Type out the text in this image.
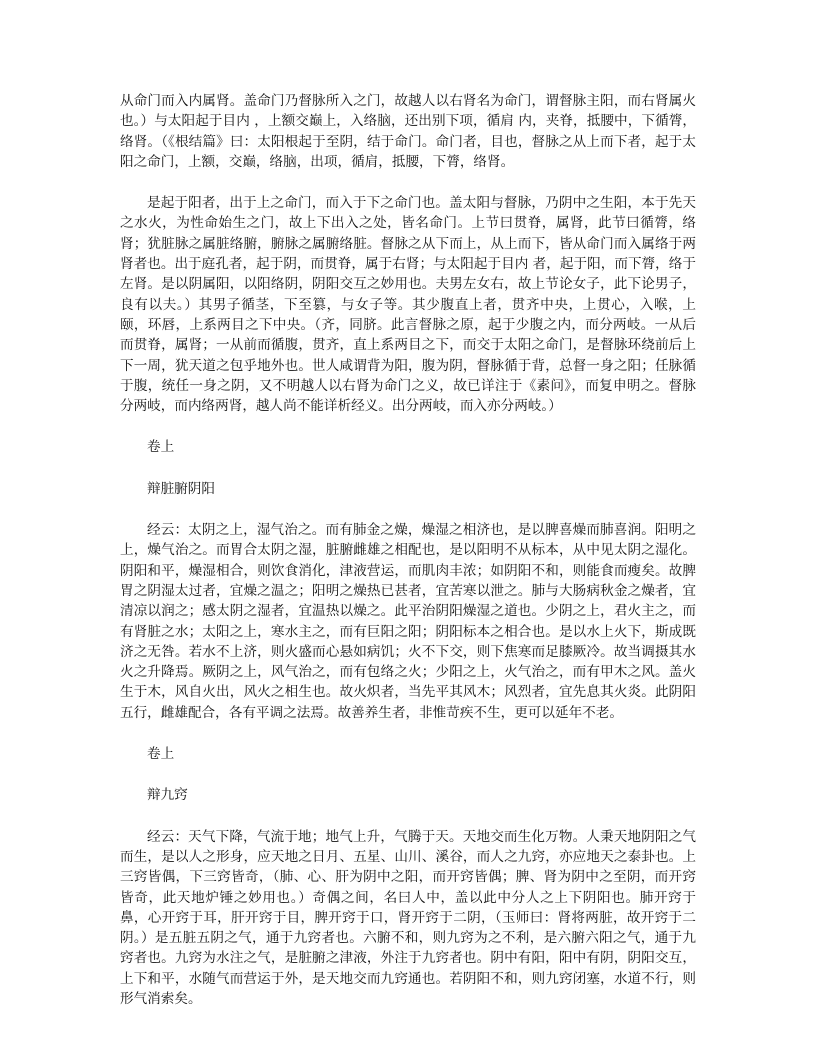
从命门而入内属肾。盖命门乃督脉所入之门，故越人以右肾名为命门，谓督脉主阳，而右肾属火也。）与太阳起于目内 ，上额交巅上，入络脑，还出别下项，循肩 内，夹脊，抵腰中，下循膂，络肾。（《根结篇》曰：太阳根起于至阴，结于命门。命门者，目也，督脉之从上而下者，起于太阳之命门，上额，交巅，络脑，出项，循肩，抵腰，下膂，络肾。

是起于阳者，出于上之命门，而入于下之命门也。盖太阳与督脉，乃阴中之生阳，本于先天之水火，为性命始生之门，故上下出入之处，皆名命门。上节曰贯脊，属肾，此节曰循膂，络肾；犹脏脉之属脏络腑，腑脉之属腑络脏。督脉之从下而上，从上而下，皆从命门而入属络于两肾者也。出于庭孔者，起于阴，而贯脊，属于右肾；与太阳起于目内 者，起于阳，而下膂，络于左肾。是以阴属阳，以阳络阴，阴阳交互之妙用也。夫男左女右，故上节论女子，此下论男子，良有以夫。）其男子循茎，下至篡，与女子等。其少腹直上者，贯齐中央，上贯心，入喉，上颐，环唇，上系两目之下中央。（齐，同脐。此言督脉之原，起于少腹之内，而分两岐。一从后而贯脊，属肾；一从前而循腹，贯齐，直上系两目之下，而交于太阳之命门，是督脉环绕前后上下一周，犹天道之包乎地外也。世人咸谓背为阳，腹为阴，督脉循于背，总督一身之阳；任脉循于腹，统任一身之阴，又不明越人以右肾为命门之义，故已详注于《素问》，而复申明之。督脉分两岐，而内络两肾，越人尚不能详析经义。出分两岐，而入亦分两岐。）

卷上
辩脏腑阴阳

经云：太阴之上，湿气治之。而有肺金之燥，燥湿之相济也，是以脾喜燥而肺喜润。阳明之上，燥气治之。而胃合太阴之湿，脏腑雌雄之相配也，是以阳明不从标本，从中见太阴之湿化。阴阳和平，燥湿相合，则饮食消化，津液营运，而肌肉丰浓；如阴阳不和，则能食而瘦矣。故脾胃之阴湿太过者，宜燥之温之；阳明之燥热已甚者，宜苦寒以泄之。肺与大肠病秋金之燥者，宜清凉以润之；感太阴之湿者，宜温热以燥之。此平治阴阳燥湿之道也。少阴之上，君火主之，而有肾脏之水；太阳之上，寒水主之，而有巨阳之阳；阴阳标本之相合也。是以水上火下，斯成既济之无咎。若水不上济，则火盛而心悬如病饥；火不下交，则下焦寒而足膝厥冷。故当调摄其水火之升降焉。厥阴之上，风气治之，而有包络之火；少阳之上，火气治之，而有甲木之风。盖火生于木，风自火出，风火之相生也。故火炽者，当先平其风木；风烈者，宜先息其火炎。此阴阳五行，雌雄配合，各有平调之法焉。故善养生者，非惟苛疾不生，更可以延年不老。

卷上
辩九窍

经云：天气下降，气流于地；地气上升，气腾于天。天地交而生化万物。人秉天地阴阳之气而生，是以人之形身，应天地之日月、五星、山川、溪谷，而人之九窍，亦应地天之泰卦也。上三窍皆偶，下三窍皆奇，（肺、心、肝为阴中之阳，而开窍皆偶；脾、肾为阴中之至阴，而开窍皆奇，此天地炉锤之妙用也。）奇偶之间，名曰人中，盖以此中分人之上下阴阳也。肺开窍于鼻，心开窍于耳，肝开窍于目，脾开窍于口，肾开窍于二阴，（玉师曰：肾将两脏，故开窍于二阴。）是五脏五阴之气，通于九窍者也。六腑不和，则九窍为之不利，是六腑六阳之气，通于九窍者也。九窍为水注之气，是脏腑之津液，外注于九窍者也。阴中有阳，阳中有阴，阴阳交互，上下和平，水随气而营运于外，是天地交而九窍通也。若阴阳不和，则九窍闭塞，水道不行，则形气消索矣。
